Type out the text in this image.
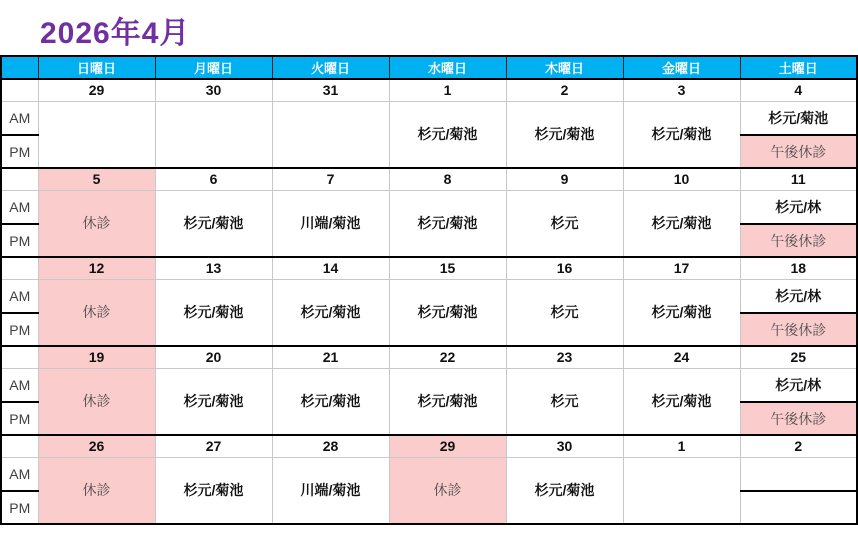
2026年4月
	日曜日	月曜日	火曜日	水曜日	木曜日	金曜日	土曜日
	29	30	31	1	2	3	4
AM				杉元/菊池	杉元/菊池	杉元/菊池	杉元/菊池
PM							午後休診
	5	6	7	8	9	10	11
AM	休診	杉元/菊池	川端/菊池	杉元/菊池	杉元	杉元/菊池	杉元/林
PM							午後休診
	12	13	14	15	16	17	18
AM	休診	杉元/菊池	杉元/菊池	杉元/菊池	杉元	杉元/菊池	杉元/林
PM							午後休診
	19	20	21	22	23	24	25
AM	休診	杉元/菊池	杉元/菊池	杉元/菊池	杉元	杉元/菊池	杉元/林
PM							午後休診
	26	27	28	29	30	1	2
AM	休診	杉元/菊池	川端/菊池	休診	杉元/菊池		
PM							
